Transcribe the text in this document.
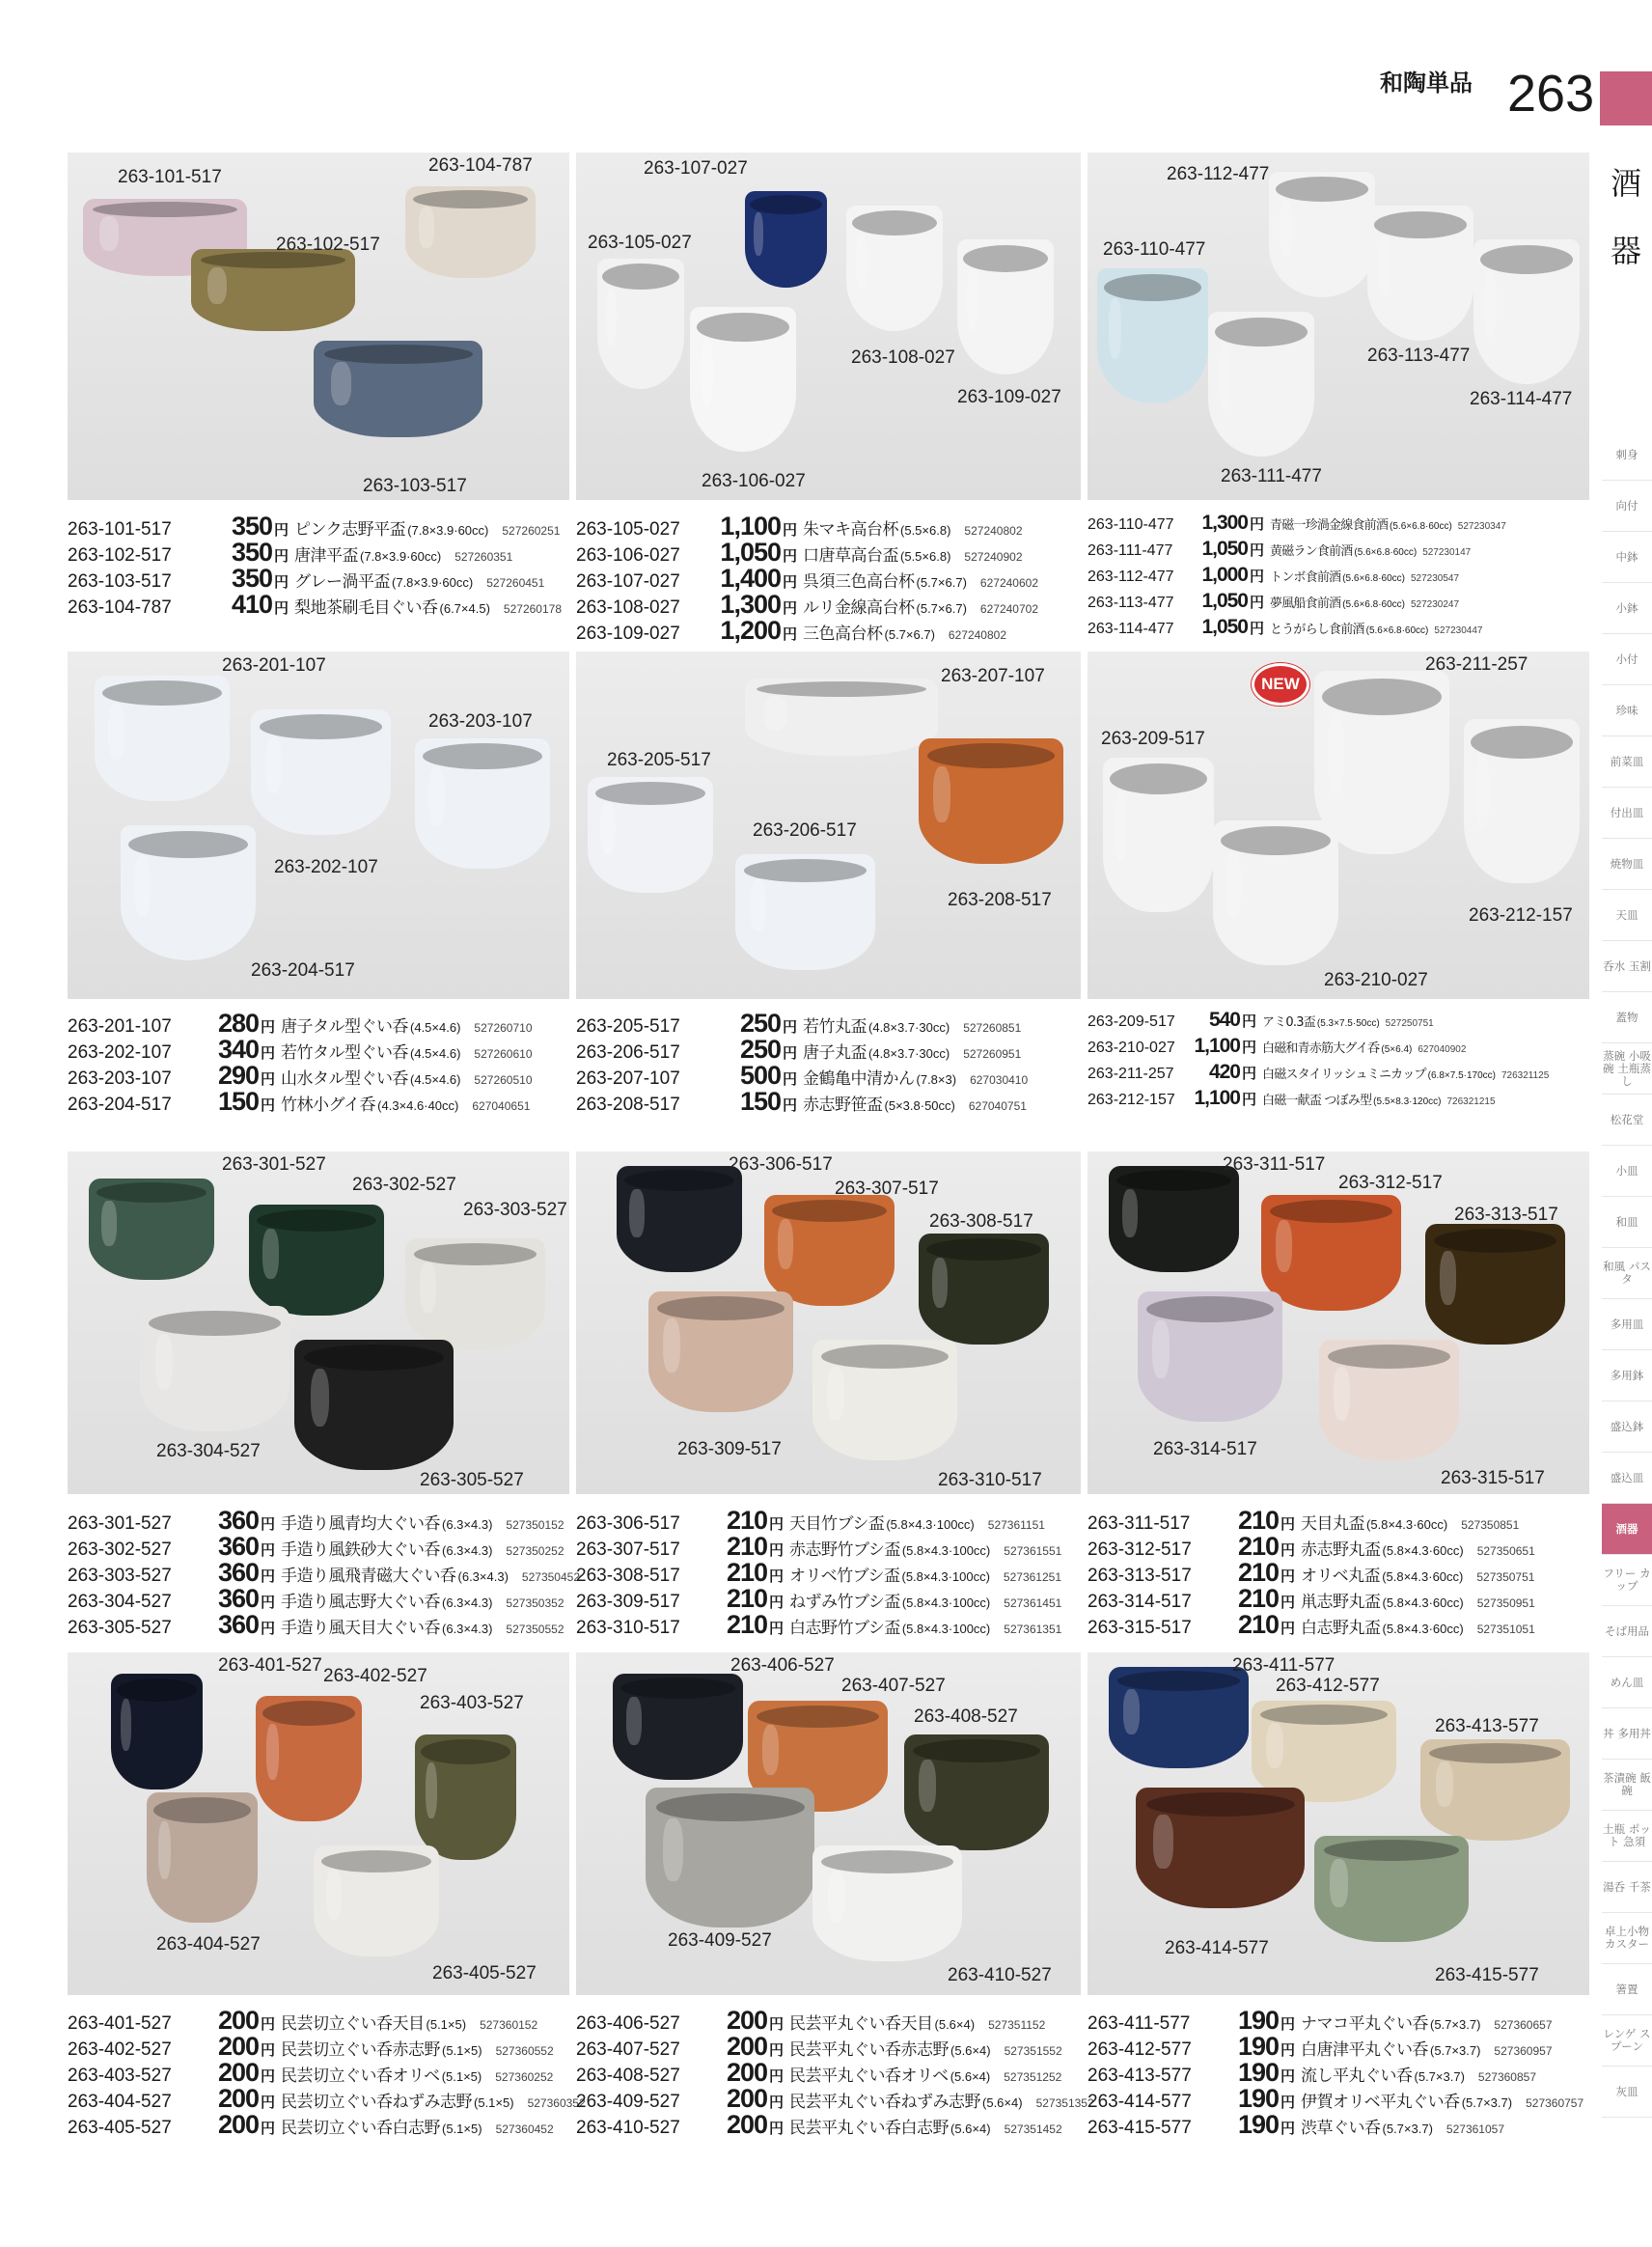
和陶単品 263
酒
器
刺身
向付
中鉢
小鉢
小付
珍味
前菜皿
付出皿
焼物皿
天皿
呑水 玉割
蓋物
蒸碗 小吸碗 土瓶蒸し
松花堂
小皿
和皿
和風 パスタ
多用皿
多用鉢
盛込鉢
盛込皿
酒器
フリー カップ
そば用品
めん皿
丼 多用丼
茶漬碗 飯碗
土瓶 ポット 急須
湯呑 千茶
卓上小物 カスター
箸置
レンゲ スプーン
灰皿
263-101-517
263-104-787
263-102-517
263-103-517
263-107-027
263-105-027
263-108-027
263-109-027
263-106-027
263-112-477
263-110-477
263-113-477
263-114-477
263-111-477
263-101-517	350 円 ピンク志野平盃 (7.8×3.9·60cc) 527260251
263-102-517	350 円 唐津平盃 (7.8×3.9·60cc) 527260351
263-103-517	350 円 グレー渦平盃 (7.8×3.9·60cc) 527260451
263-104-787	410 円 梨地茶刷毛目ぐい呑 (6.7×4.5) 527260178
263-105-027	1,100 円 朱マキ高台杯 (5.5×6.8) 527240802
263-106-027	1,050 円 口唐草高台盃 (5.5×6.8) 527240902
263-107-027	1,400 円 呉須三色高台杯 (5.7×6.7) 627240602
263-108-027	1,300 円 ルリ金線高台杯 (5.7×6.7) 627240702
263-109-027	1,200 円 三色高台杯 (5.7×6.7) 627240802
263-110-477	1,300 円 青磁一珍渦金線食前酒 (5.6×6.8·60cc) 527230347
263-111-477	1,050 円 黄磁ラン食前酒 (5.6×6.8·60cc) 527230147
263-112-477	1,000 円 トンボ食前酒 (5.6×6.8·60cc) 527230547
263-113-477	1,050 円 夢風船食前酒 (5.6×6.8·60cc) 527230247
263-114-477	1,050 円 とうがらし食前酒 (5.6×6.8·60cc) 527230447
263-201-107
263-203-107
263-202-107
263-204-517
263-207-107
263-205-517
263-206-517
263-208-517
NEW
263-211-257
263-209-517
263-212-157
263-210-027
263-201-107	280 円 唐子タル型ぐい呑 (4.5×4.6) 527260710
263-202-107	340 円 若竹タル型ぐい呑 (4.5×4.6) 527260610
263-203-107	290 円 山水タル型ぐい呑 (4.5×4.6) 527260510
263-204-517	150 円 竹林小グイ呑 (4.3×4.6·40cc) 627040651
263-205-517	250 円 若竹丸盃 (4.8×3.7·30cc) 527260851
263-206-517	250 円 唐子丸盃 (4.8×3.7·30cc) 527260951
263-207-107	500 円 金鶴亀中清かん (7.8×3) 627030410
263-208-517	150 円 赤志野笹盃 (5×3.8·50cc) 627040751
263-209-517	540 円 アミ0.3盃 (5.3×7.5·50cc) 527250751
263-210-027 1,100 円 白磁和青赤筋大グイ呑 (5×6.4) 627040902
263-211-257	420 円 白磁スタイリッシュミニカップ (6.8×7.5·170cc) 726321125
263-212-157 1,100 円 白磁一献盃 つぼみ型 (5.5×8.3·120cc) 726321215
263-301-527
263-302-527
263-303-527
263-304-527
263-305-527
263-306-517
263-307-517
263-308-517
263-309-517
263-310-517
263-311-517
263-312-517
263-313-517
263-314-517
263-315-517
263-301-527	360 円 手造り風青均大ぐい呑 (6.3×4.3) 527350152
263-302-527	360 円 手造り風鉄砂大ぐい呑 (6.3×4.3) 527350252
263-303-527	360 円 手造り風飛青磁大ぐい呑 (6.3×4.3) 527350452
263-304-527	360 円 手造り風志野大ぐい呑 (6.3×4.3) 527350352
263-305-527	360 円 手造り風天目大ぐい呑 (6.3×4.3) 527350552
263-306-517	210 円 天目竹ブシ盃 (5.8×4.3·100cc) 527361151
263-307-517	210 円 赤志野竹ブシ盃 (5.8×4.3·100cc) 527361551
263-308-517	210 円 オリベ竹ブシ盃 (5.8×4.3·100cc) 527361251
263-309-517	210 円 ねずみ竹ブシ盃 (5.8×4.3·100cc) 527361451
263-310-517	210 円 白志野竹ブシ盃 (5.8×4.3·100cc) 527361351
263-311-517	210 円 天目丸盃 (5.8×4.3·60cc) 527350851
263-312-517	210 円 赤志野丸盃 (5.8×4.3·60cc) 527350651
263-313-517	210 円 オリベ丸盃 (5.8×4.3·60cc) 527350751
263-314-517	210 円 鼡志野丸盃 (5.8×4.3·60cc) 527350951
263-315-517	210 円 白志野丸盃 (5.8×4.3·60cc) 527351051
263-401-527
263-402-527
263-403-527
263-404-527
263-405-527
263-406-527
263-407-527
263-408-527
263-409-527
263-410-527
263-411-577
263-412-577
263-413-577
263-414-577
263-415-577
263-401-527	200 円 民芸切立ぐい呑天目 (5.1×5) 527360152
263-402-527	200 円 民芸切立ぐい呑赤志野 (5.1×5) 527360552
263-403-527	200 円 民芸切立ぐい呑オリベ (5.1×5) 527360252
263-404-527	200 円 民芸切立ぐい呑ねずみ志野 (5.1×5) 527360352
263-405-527	200 円 民芸切立ぐい呑白志野 (5.1×5) 527360452
263-406-527	200 円 民芸平丸ぐい呑天目 (5.6×4) 527351152
263-407-527	200 円 民芸平丸ぐい呑赤志野 (5.6×4) 527351552
263-408-527	200 円 民芸平丸ぐい呑オリベ (5.6×4) 527351252
263-409-527	200 円 民芸平丸ぐい呑ねずみ志野 (5.6×4) 527351352
263-410-527	200 円 民芸平丸ぐい呑白志野 (5.6×4) 527351452
263-411-577	190 円 ナマコ平丸ぐい呑 (5.7×3.7) 527360657
263-412-577	190 円 白唐津平丸ぐい呑 (5.7×3.7) 527360957
263-413-577	190 円 流し平丸ぐい呑 (5.7×3.7) 527360857
263-414-577	190 円 伊賀オリベ平丸ぐい呑 (5.7×3.7) 527360757
263-415-577	190 円 渋草ぐい呑 (5.7×3.7) 527361057
